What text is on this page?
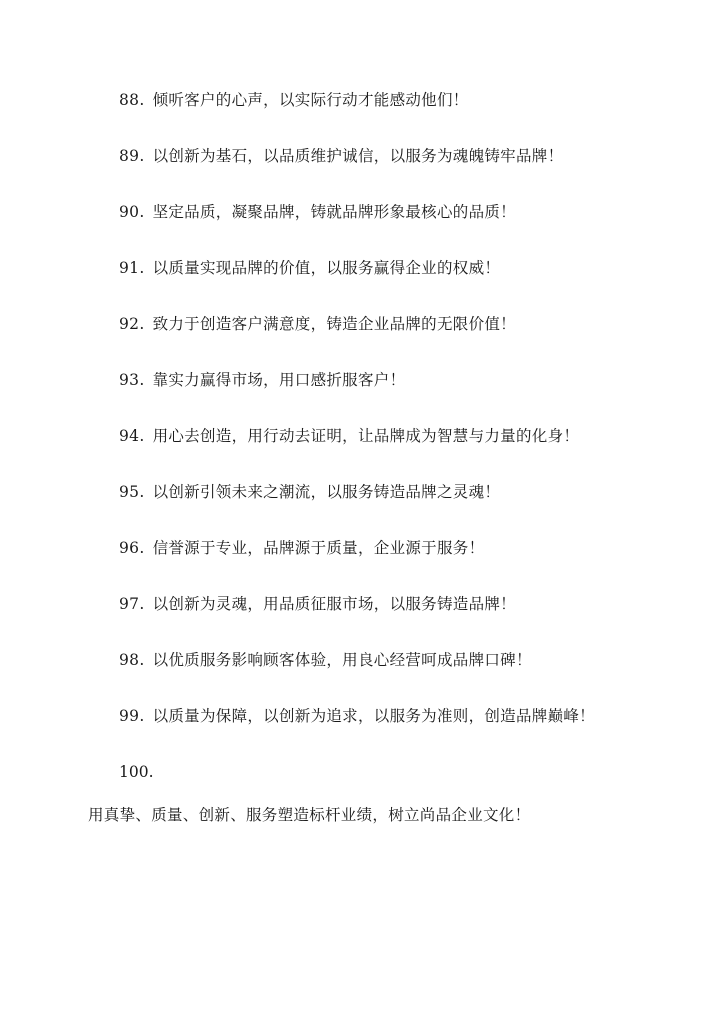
88. 倾听客户的心声，以实际行动才能感动他们！
89. 以创新为基石，以品质维护诚信，以服务为魂魄铸牢品牌！
90. 坚定品质，凝聚品牌，铸就品牌形象最核心的品质！
91. 以质量实现品牌的价值，以服务赢得企业的权威！
92. 致力于创造客户满意度，铸造企业品牌的无限价值！
93. 靠实力赢得市场，用口感折服客户！
94. 用心去创造，用行动去证明，让品牌成为智慧与力量的化身！
95. 以创新引领未来之潮流，以服务铸造品牌之灵魂！
96. 信誉源于专业，品牌源于质量，企业源于服务！
97. 以创新为灵魂，用品质征服市场，以服务铸造品牌！
98. 以优质服务影响顾客体验，用良心经营呵成品牌口碑！
99. 以质量为保障，以创新为追求，以服务为准则，创造品牌巅峰！
100.
用真挚、质量、创新、服务塑造标杆业绩，树立尚品企业文化！
